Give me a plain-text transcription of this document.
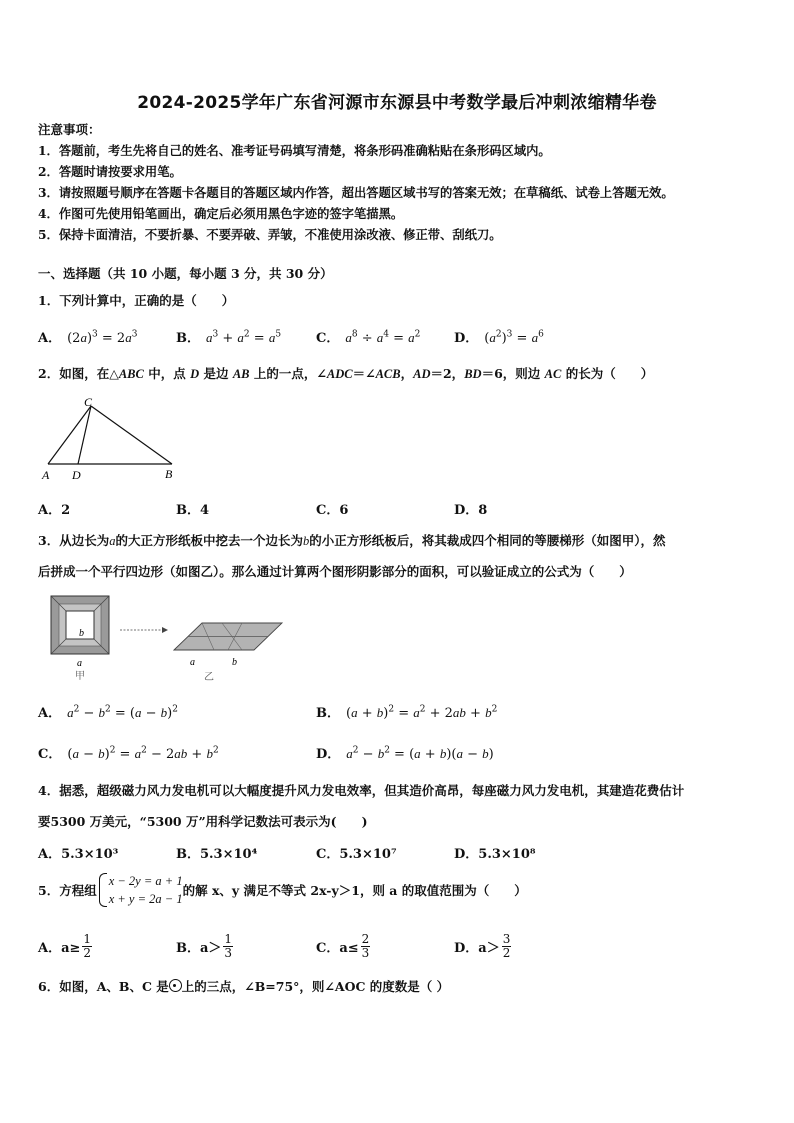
2024-2025学年广东省河源市东源县中考数学最后冲刺浓缩精华卷
注意事项：
1．答题前，考生先将自己的姓名、准考证号码填写清楚，将条形码准确粘贴在条形码区域内。
2．答题时请按要求用笔。
3．请按照题号顺序在答题卡各题目的答题区域内作答，超出答题区域书写的答案无效；在草稿纸、试卷上答题无效。
4．作图可先使用铅笔画出，确定后必须用黑色字迹的签字笔描黑。
5．保持卡面清洁，不要折暴、不要弄破、弄皱，不准使用涂改液、修正带、刮纸刀。
一、选择题（共 10 小题，每小题 3 分，共 30 分）
1．下列计算中，正确的是（　　）
A． $(2a)^3 = 2a^3$	B． $a^3 + a^2 = a^5$	C． $a^8 \div a^4 = a^2$	D． $(a^2)^3 = a^6$
2．如图，在△ABC 中，点 D 是边 AB 上的一点，∠ADC＝∠ACB，AD＝2，BD＝6，则边 AC 的长为（　　）
C
A D	B
A．2	B．4	C．6	D．8
3．从边长为a的大正方形纸板中挖去一个边长为b的小正方形纸板后，将其裁成四个相同的等腰梯形（如图甲），然
后拼成一个平行四边形（如图乙）。那么通过计算两个图形阴影部分的面积，可以验证成立的公式为（　　）
b
a
甲
a	b
乙
A． $a^2 - b^2 = (a - b)^2$	B． $(a + b)^2 = a^2 + 2ab + b^2$
C． $(a - b)^2 = a^2 - 2ab + b^2$	D． $a^2 - b^2 = (a + b)(a - b)$
4．据悉，超级磁力风力发电机可以大幅度提升风力发电效率，但其造价高昂，每座磁力风力发电机，其建造花费估计
要5300 万美元，“5300 万”用科学记数法可表示为(　　)
A．5.3×10³	B．5.3×10⁴	C．5.3×10⁷	D．5.3×10⁸
5．方程组
x − 2y = a + 1
x + y = 2a − 1
的解 x、y 满足不等式 2x-y＞1，则 a 的取值范围为（　　）
A．$a\ge \frac{1}{2}$	B．$a> \frac{1}{3}$	C．$a\le \frac{2}{3}$	D．$a> \frac{3}{2}$
6．如图，A、B、C 是 上的三点，∠B=75°，则∠AOC 的度数是（ ）
